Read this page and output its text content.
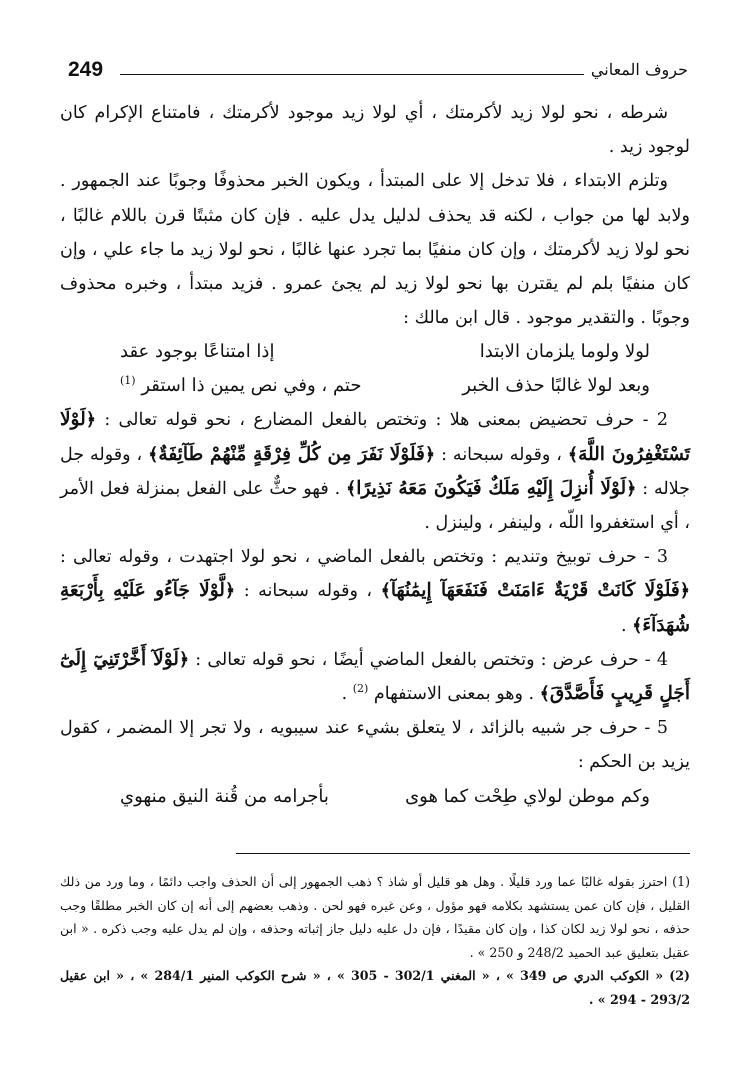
249	حروف المعاني

شرطه ، نحو لولا زيد لأكرمتك ، أي لولا زيد موجود لأكرمتك ، فامتناع الإكرام كان لوجود زيد .

وتلزم الابتداء ، فلا تدخل إلا على المبتدأ ، ويكون الخبر محذوفًا وجوبًا عند الجمهور . ولابد لها من جواب ، لكنه قد يحذف لدليل يدل عليه . فإن كان مثبتًا قرن باللام غالبًا ، نحو لولا زيد لأكرمتك ، وإن كان منفيًا بما تجرد عنها غالبًا ، نحو لولا زيد ما جاء علي ، وإن كان منفيًا بلم لم يقترن بها نحو لولا زيد لم يجئ عمرو . فزيد مبتدأ ، وخبره محذوف وجوبًا . والتقدير موجود . قال ابن مالك :

لولا ولوما يلزمان الابتدا
إذا امتناعًا بوجود عقد
وبعد لولا غالبًا حذف الخبر
حتم ، وفي نص يمين ذا استقر $^{(1)}$

2 - حرف تحضيض بمعنى هلا : وتختص بالفعل المضارع ، نحو قوله تعالى : ﴿لَوْلَا تَسْتَغْفِرُونَ اللَّهَ﴾ ، وقوله سبحانه : ﴿فَلَوْلَا نَفَرَ مِن كُلِّ فِرْقَةٍ مِّنْهُمْ طَآئِفَةٌ﴾ ، وقوله جل جلاله : ﴿لَوْلَا أُنزِلَ إِلَيْهِ مَلَكٌ فَيَكُونَ مَعَهُ نَذِيرًا﴾ . فهو حثٌّ على الفعل بمنزلة فعل الأمر ، أي استغفروا اللّه ، ولينفر ، ولينزل .

3 - حرف توبيخ وتنديم : وتختص بالفعل الماضي ، نحو لولا اجتهدت ، وقوله تعالى : ﴿فَلَوْلَا كَانَتْ قَرْيَةٌ ءَامَنَتْ فَنَفَعَهَآ إِيمَٰنُهَآ﴾ ، وقوله سبحانه : ﴿لَّوْلَا جَآءُو عَلَيْهِ بِأَرْبَعَةِ شُهَدَآءَ﴾ .

4 - حرف عرض : وتختص بالفعل الماضي أيضًا ، نحو قوله تعالى : ﴿لَوْلَآ أَخَّرْتَنِيٓ إِلَىٰٓ أَجَلٍ قَرِيبٍ فَأَصَّدَّقَ﴾ . وهو بمعنى الاستفهام $^{(2)}$ .

5 - حرف جر شبيه بالزائد ، لا يتعلق بشيء عند سيبويه ، ولا تجر إلا المضمر ، كقول يزيد بن الحكم :

وكم موطن لولاي طِحْت كما هوى
بأجرامه من قُنة النيق منهوي

(1) احترز بقوله غالبًا عما ورد قليلًا . وهل هو قليل أو شاذ ؟ ذهب الجمهور إلى أن الحذف واجب دائمًا ، وما ورد من ذلك القليل ، فإن كان عمن يستشهد بكلامه فهو مؤول ، وعن غيره فهو لحن . وذهب بعضهم إلى أنه إن كان الخبر مطلقًا وجب حذفه ، نحو لولا زيد لكان كذا ، وإن كان مقيدًا ، فإن دل عليه دليل جاز إثباته وحذفه ، وإن لم يدل عليه وجب ذكره . « ابن عقيل بتعليق عبد الحميد 248/2 و 250 » .

(2) « الكوكب الدري ص 349 » ، « المغني 302/1 - 305 » ، « شرح الكوكب المنير 284/1 » ، « ابن عقيل 293/2 - 294 » .
